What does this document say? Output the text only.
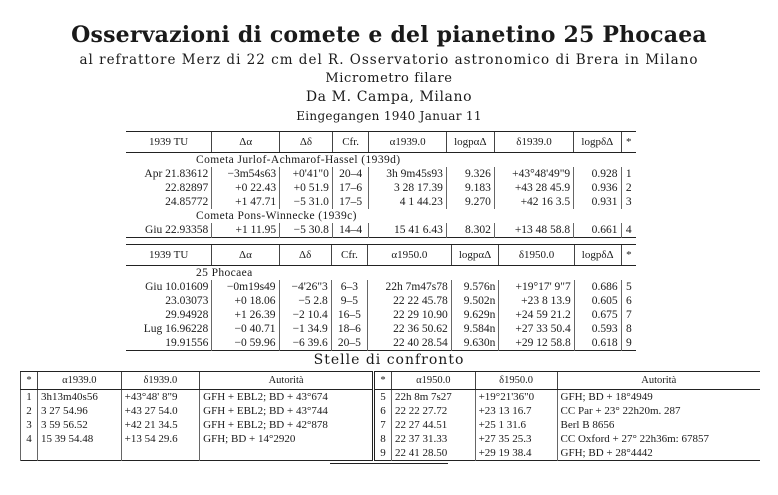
Osservazioni di comete e del pianetino 25 Phocaea
al refrattore Merz di 22 cm del R. Osservatorio astronomico di Brera in Milano
Micrometro filare
Da M. Campa, Milano
Eingegangen 1940 Januar 11
1939 TU	Δα	Δδ	Cfr.	α1939.0	logpαΔ	δ1939.0	logpδΔ	*
Cometa Jurlof-Achmarof-Hassel (1939d)								
Apr 21.83612	−3m54s63	+0'41"0	20–4	3h 9m45s93	9.326	+43°48'49"9	0.928	1
22.82897	+0 22.43	+0 51.9	17–6	3 28 17.39	9.183	+43 28 45.9	0.936	2
24.85772	+1 47.71	−5 31.0	17–5	4 1 44.23	9.270	+42 16 3.5	0.931	3
Cometa Pons-Winnecke (1939c)								
Giu 22.93358	+1 11.95	−5 30.8	14–4	15 41 6.43	8.302	+13 48 58.8	0.661	4
1939 TU	Δα	Δδ	Cfr.	α1950.0	logpαΔ	δ1950.0	logpδΔ	*
25 Phocaea								
Giu 10.01609	−0m19s49	−4'26"3	6–3	22h 7m47s78	9.576n	+19°17' 9"7	0.686	5
23.03073	+0 18.06	−5 2.8	9–5	22 22 45.78	9.502n	+23 8 13.9	0.605	6
29.94928	+1 26.39	−2 10.4	16–5	22 29 10.90	9.629n	+24 59 21.2	0.675	7
Lug 16.96228	−0 40.71	−1 34.9	18–6	22 36 50.62	9.584n	+27 33 50.4	0.593	8
19.91556	−0 59.96	−6 39.6	20–5	22 40 28.54	9.630n	+29 12 58.8	0.618	9
Stelle di confronto
*	α1939.0	δ1939.0	Autorità	*	α1950.0	δ1950.0	Autorità
1	3h13m40s56	+43°48' 8"9	GFH + EBL2; BD + 43°674	5	22h 8m 7s27	+19°21'36"0	GFH; BD + 18°4949
2	3 27 54.96	+43 27 54.0	GFH + EBL2; BD + 43°744	6	22 22 27.72	+23 13 16.7	CC Par + 23° 22h20m. 287
3	3 59 56.52	+42 21 34.5	GFH + EBL2; BD + 42°878	7	22 27 44.51	+25 1 31.6	Berl B 8656
4	15 39 54.48	+13 54 29.6	GFH; BD + 14°2920	8	22 37 31.33	+27 35 25.3	CC Oxford + 27° 22h36m: 67857
				9	22 41 28.50	+29 19 38.4	GFH; BD + 28°4442
